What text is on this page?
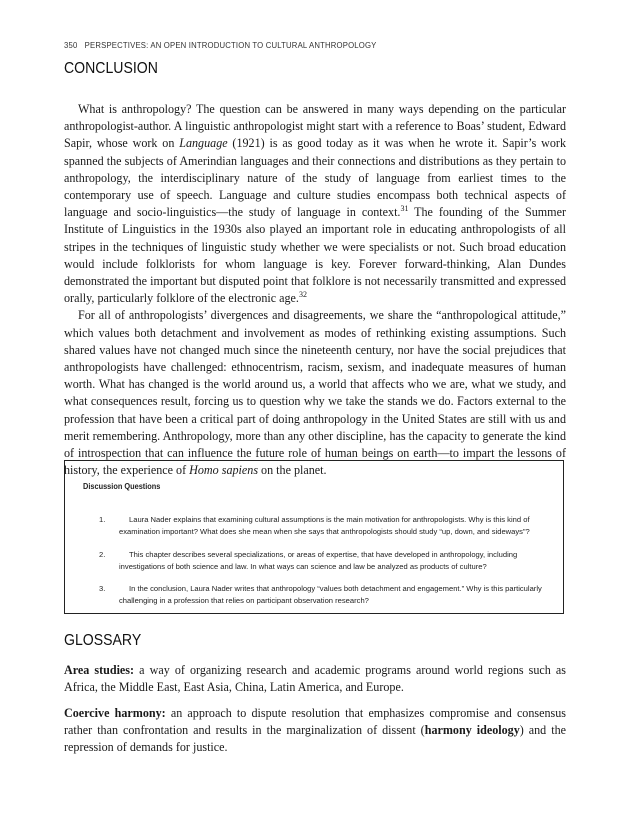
350 PERSPECTIVES: AN OPEN INTRODUCTION TO CULTURAL ANTHROPOLOGY
CONCLUSION

What is anthropology? The question can be answered in many ways depending on the particular anthropologist-author. A linguistic anthropologist might start with a reference to Boas’ student, Edward Sapir, whose work on Language (1921) is as good today as it was when he wrote it. Sapir’s work spanned the subjects of Amerindian languages and their connections and distributions as they pertain to anthropology, the interdisciplinary nature of the study of language from earliest times to the contemporary use of speech. Language and culture studies encompass both technical aspects of language and socio-linguistics—the study of language in context.$^{31}$ The founding of the Summer Institute of Linguistics in the 1930s also played an important role in educating anthropologists of all stripes in the techniques of linguistic study whether we were specialists or not. Such broad education would include folklorists for whom language is key. Forever forward-thinking, Alan Dundes demonstrated the important but disputed point that folklore is not necessarily transmitted and expressed orally, particularly folklore of the electronic age.$^{32}$

For all of anthropologists’ divergences and disagreements, we share the “anthropological attitude,” which values both detachment and involvement as modes of rethinking existing assumptions. Such shared values have not changed much since the nineteenth century, nor have the social prejudices that anthropologists have challenged: ethnocentrism, racism, sexism, and inadequate measures of human worth. What has changed is the world around us, a world that affects who we are, what we study, and what consequences result, forcing us to question why we take the stands we do. Factors external to the profession that have been a critical part of doing anthropology in the United States are still with us and merit remembering. Anthropology, more than any other discipline, has the capacity to generate the kind of introspection that can influence the future role of human beings on earth—to impart the lessons of history, the experience of Homo sapiens on the planet.

Discussion Questions
1.	Laura Nader explains that examining cultural assumptions is the main motivation for anthropologists. Why is this kind of examination important? What does she mean when she says that anthropologists should study “up, down, and sideways”?
2.	This chapter describes several specializations, or areas of expertise, that have developed in anthropology, including investigations of both science and law. In what ways can science and law be analyzed as products of culture?
3.	In the conclusion, Laura Nader writes that anthropology “values both detachment and engagement.” Why is this particularly challenging in a profession that relies on participant observation research?
GLOSSARY

Area studies: a way of organizing research and academic programs around world regions such as Africa, the Middle East, East Asia, China, Latin America, and Europe.

Coercive harmony: an approach to dispute resolution that emphasizes compromise and consensus rather than confrontation and results in the marginalization of dissent (harmony ideology) and the repression of demands for justice.
